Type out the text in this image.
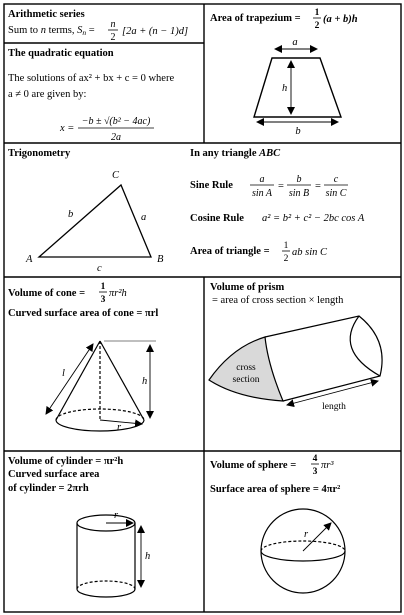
Arithmetic series
Sum to n terms, Sn =
n
2
[2a + (n − 1)d]
The quadratic equation
The solutions of ax² + bx + c = 0 where
a ≠ 0 are given by:
x =
−b ± √(b² − 4ac)
2a
Area of trapezium = 1
2
(a + b)h
a
h
b
Trigonometry
C
A	B
b	a
c
In any triangle ABC
Sine Rule
a
sin A
=
b
sin B
=
c
sin C
Cosine Rule a² = b² + c² − 2bc cos A
Area of triangle = 1
2
ab sin C
Volume of cone =
1
3
πr²h
Curved surface area of cone = πrl
l
h
r
Volume of prism
= area of cross section × length
cross
section
length
Volume of cylinder = πr²h
Curved surface area
of cylinder = 2πrh
r
h
Volume of sphere =
4
3
πr³
Surface area of sphere = 4πr²
r
